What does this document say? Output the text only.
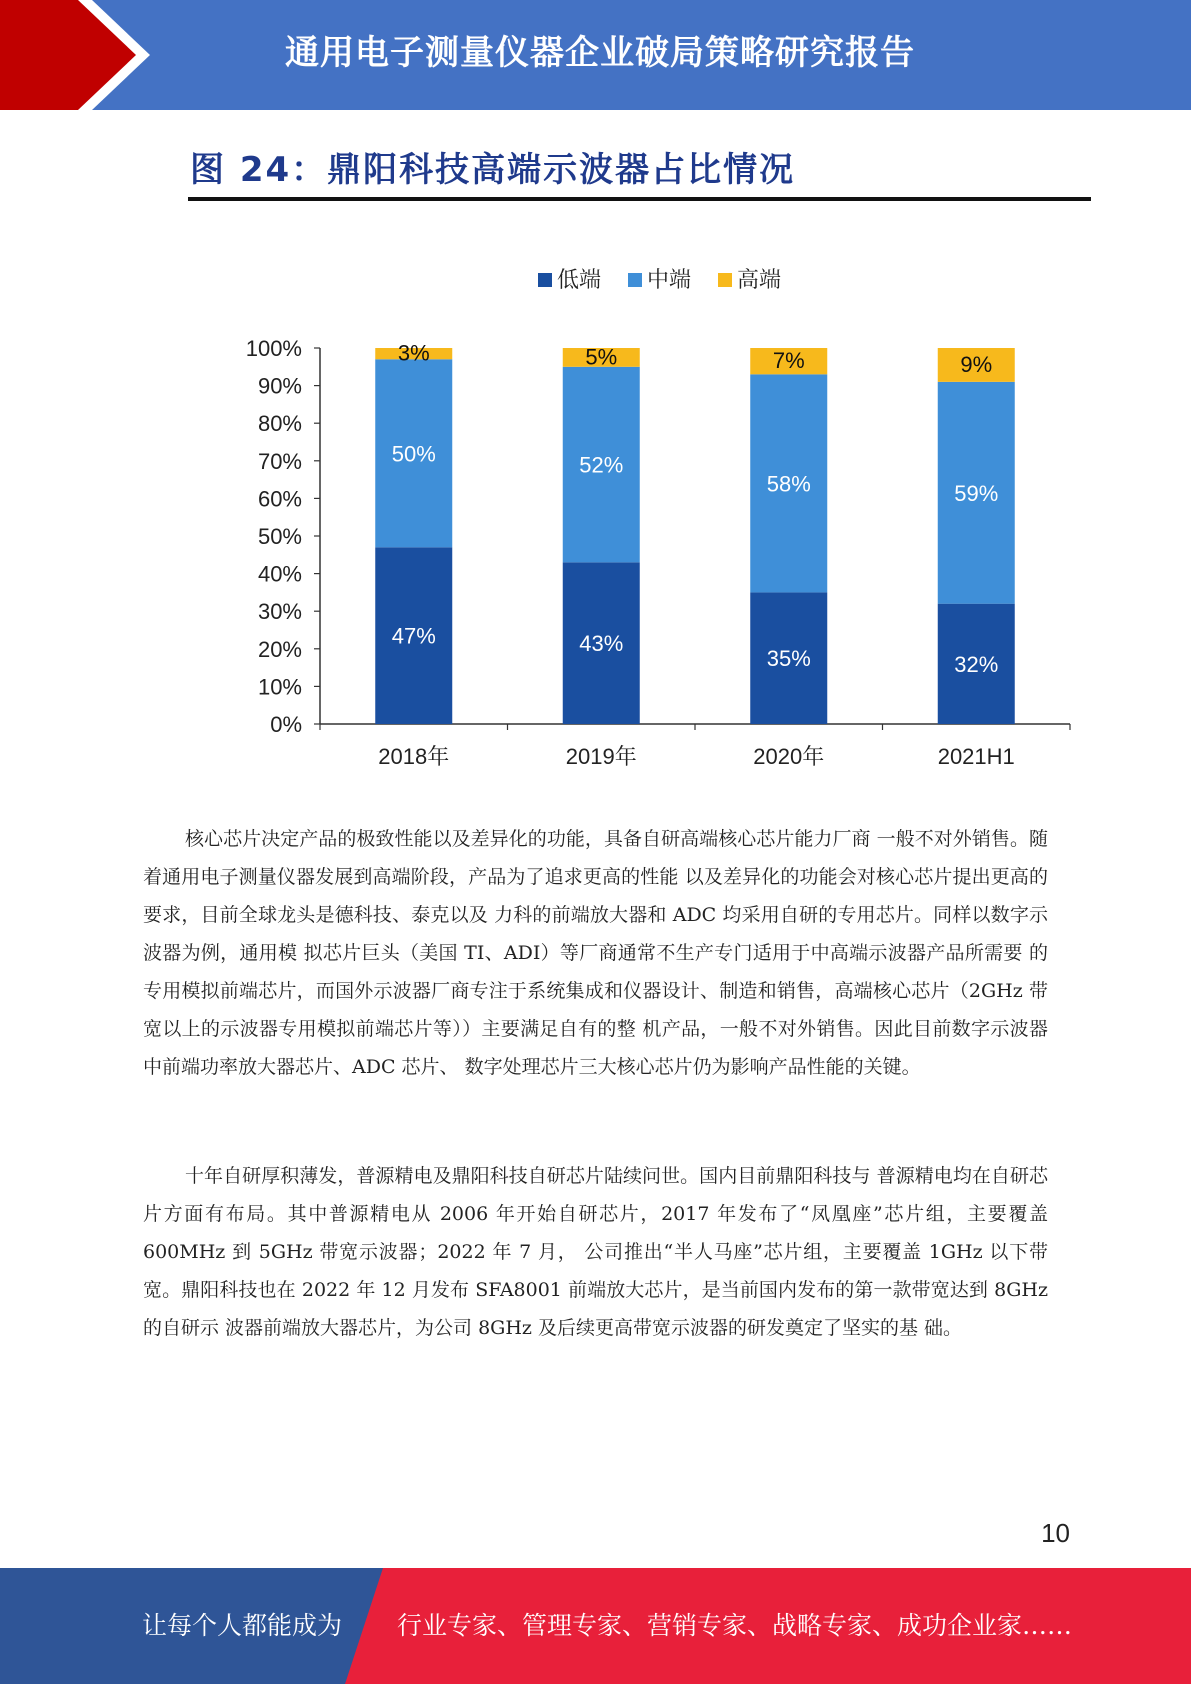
通用电子测量仪器企业破局策略研究报告
图 24：鼎阳科技高端示波器占比情况
低端 中端 高端
0%
10%
20%
30%
40%
50%
60%
70%
80%
90%
100%
47%
50%
3%
2018年
43%
52%
5%
2019年
35%
58%
7%
2020年
32%
59%
9%
2021H1

核心芯片决定产品的极致性能以及差异化的功能，具备自研高端核心芯片能力厂商 一般不对外销售。随着通用电子测量仪器发展到高端阶段，产品为了追求更高的性能 以及差异化的功能会对核心芯片提出更高的要求，目前全球龙头是德科技、泰克以及 力科的前端放大器和 ADC 均采用自研的专用芯片。同样以数字示波器为例，通用模 拟芯片巨头（美国 TI、ADI）等厂商通常不生产专门适用于中高端示波器产品所需要 的专用模拟前端芯片，而国外示波器厂商专注于系统集成和仪器设计、制造和销售，高端核心芯片（2GHz 带宽以上的示波器专用模拟前端芯片等））主要满足自有的整 机产品，一般不对外销售。因此目前数字示波器中前端功率放大器芯片、ADC 芯片、 数字处理芯片三大核心芯片仍为影响产品性能的关键。

十年自研厚积薄发，普源精电及鼎阳科技自研芯片陆续问世。国内目前鼎阳科技与 普源精电均在自研芯片方面有布局。其中普源精电从 2006 年开始自研芯片，2017 年发布了“凤凰座”芯片组，主要覆盖 600MHz 到 5GHz 带宽示波器；2022 年 7 月， 公司推出“半人马座”芯片组，主要覆盖 1GHz 以下带宽。鼎阳科技也在 2022 年 12 月发布 SFA8001 前端放大芯片，是当前国内发布的第一款带宽达到 8GHz 的自研示 波器前端放大器芯片，为公司 8GHz 及后续更高带宽示波器的研发奠定了坚实的基 础。

10
让每个人都能成为 行业专家、管理专家、营销专家、战略专家、成功企业家……
